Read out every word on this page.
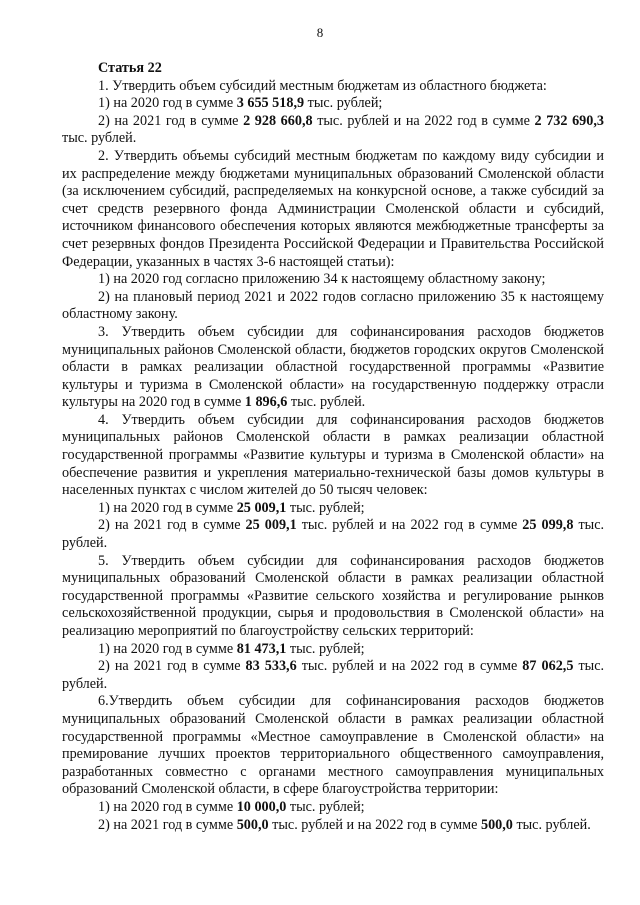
8
Статья 22

1. Утвердить объем субсидий местным бюджетам из областного бюджета:

1) на 2020 год в сумме 3 655 518,9 тыс. рублей;

2) на 2021 год в сумме 2 928 660,8 тыс. рублей и на 2022 год в сумме 2 732 690,3 тыс. рублей.

2. Утвердить объемы субсидий местным бюджетам по каждому виду субсидии и их распределение между бюджетами муниципальных образований Смоленской области (за исключением субсидий, распределяемых на конкурсной основе, а также субсидий за счет средств резервного фонда Администрации Смоленской области и субсидий, источником финансового обеспечения которых являются межбюджетные трансферты за счет резервных фондов Президента Российской Федерации и Правительства Российской Федерации, указанных в частях 3-6 настоящей статьи):

1) на 2020 год согласно приложению 34 к настоящему областному закону;

2) на плановый период 2021 и 2022 годов согласно приложению 35 к настоящему областному закону.

3. Утвердить объем субсидии для софинансирования расходов бюджетов муниципальных районов Смоленской области, бюджетов городских округов Смоленской области в рамках реализации областной государственной программы «Развитие культуры и туризма в Смоленской области» на государственную поддержку отрасли культуры на 2020 год в сумме 1 896,6 тыс. рублей.

4. Утвердить объем субсидии для софинансирования расходов бюджетов муниципальных районов Смоленской области в рамках реализации областной государственной программы «Развитие культуры и туризма в Смоленской области» на обеспечение развития и укрепления материально-технической базы домов культуры в населенных пунктах с числом жителей до 50 тысяч человек:

1) на 2020 год в сумме 25 009,1 тыс. рублей;

2) на 2021 год в сумме 25 009,1 тыс. рублей и на 2022 год в сумме 25 099,8 тыс. рублей.

5. Утвердить объем субсидии для софинансирования расходов бюджетов муниципальных образований Смоленской области в рамках реализации областной государственной программы «Развитие сельского хозяйства и регулирование рынков сельскохозяйственной продукции, сырья и продовольствия в Смоленской области» на реализацию мероприятий по благоустройству сельских территорий:

1) на 2020 год в сумме 81 473,1 тыс. рублей;

2) на 2021 год в сумме 83 533,6 тыс. рублей и на 2022 год в сумме 87 062,5 тыс. рублей.

6.Утвердить объем субсидии для софинансирования расходов бюджетов муниципальных образований Смоленской области в рамках реализации областной государственной программы «Местное самоуправление в Смоленской области» на премирование лучших проектов территориального общественного самоуправления, разработанных совместно с органами местного самоуправления муниципальных образований Смоленской области, в сфере благоустройства территории:

1) на 2020 год в сумме 10 000,0 тыс. рублей;

2) на 2021 год в сумме 500,0 тыс. рублей и на 2022 год в сумме 500,0 тыс. рублей.
